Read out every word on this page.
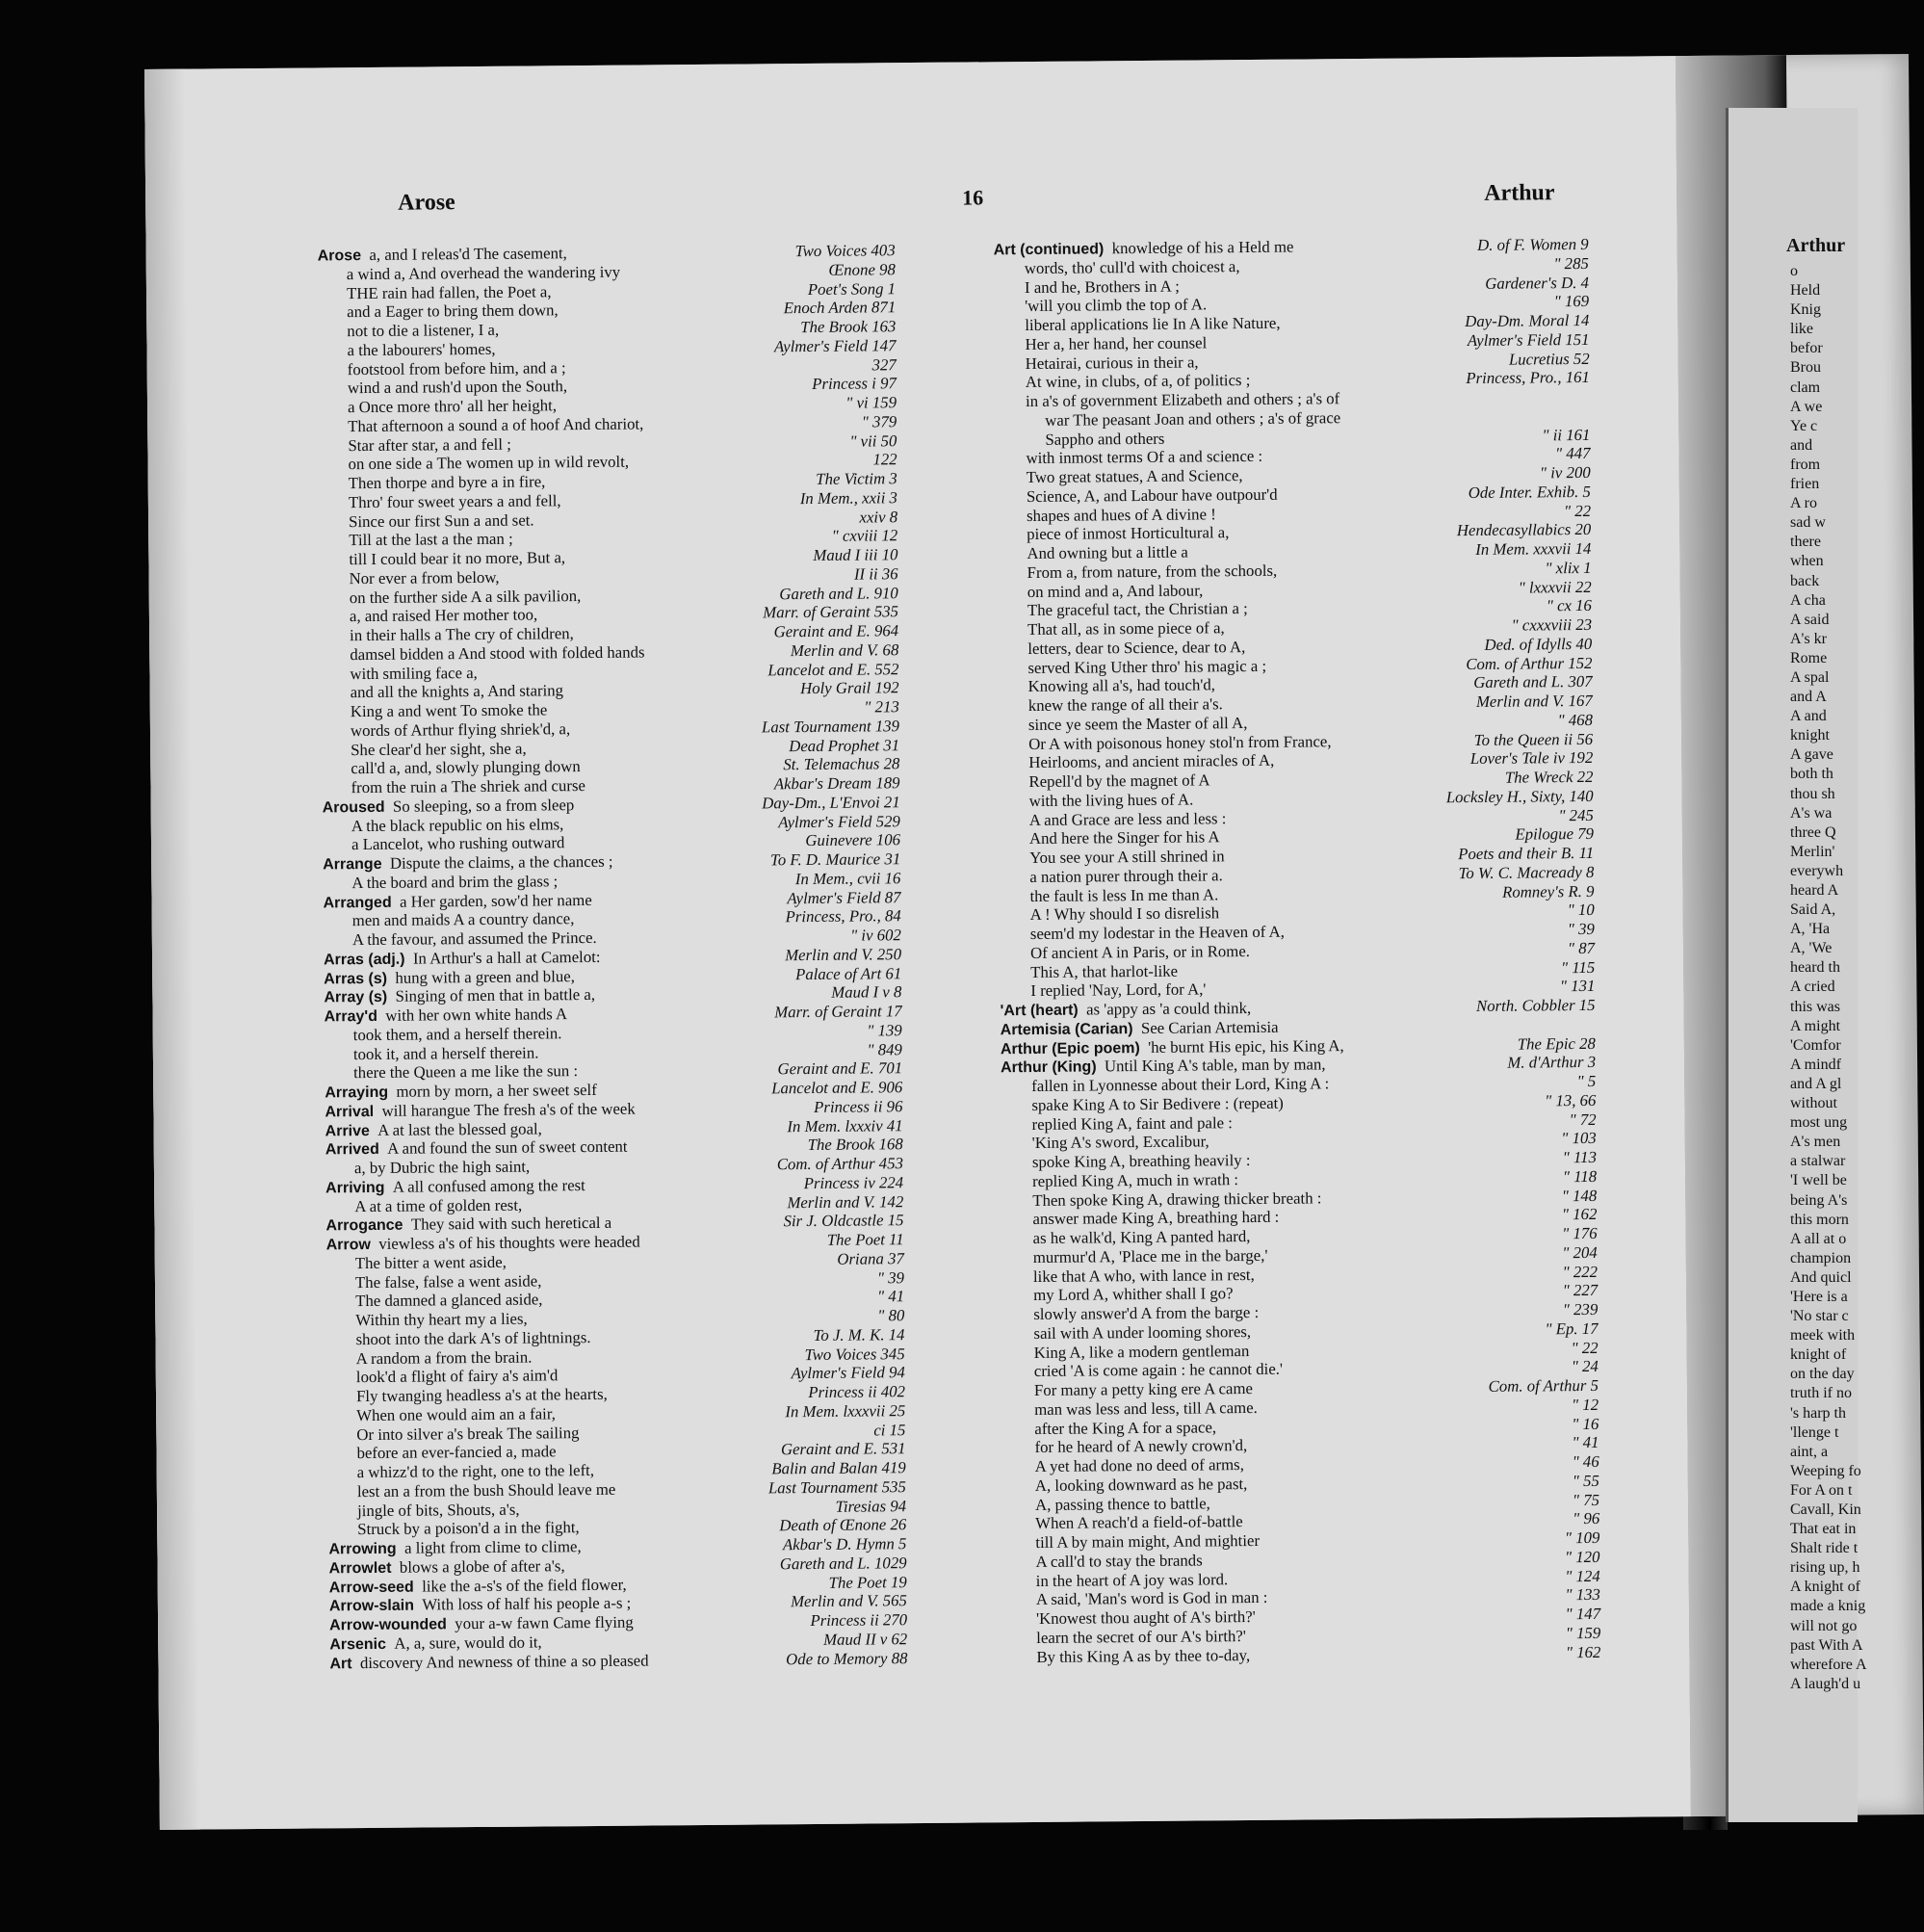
Arose	16	Arthur
Arose a, and I releas'd The casement,	Two Voices 403
a wind a, And overhead the wandering ivy	Œnone 98
THE rain had fallen, the Poet a,	Poet's Song 1
and a Eager to bring them down,	Enoch Arden 871
not to die a listener, I a,	The Brook 163
a the labourers' homes,	Aylmer's Field 147
footstool from before him, and a ;	327
wind a and rush'd upon the South,	Princess i 97
a Once more thro' all her height,	" vi 159
That afternoon a sound a of hoof And chariot,	" 379
Star after star, a and fell ;	" vii 50
on one side a The women up in wild revolt,	122
Then thorpe and byre a in fire,	The Victim 3
Thro' four sweet years a and fell,	In Mem., xxii 3
Since our first Sun a and set.	xxiv 8
Till at the last a the man ;	" cxviii 12
till I could bear it no more, But a,	Maud I iii 10
Nor ever a from below,	II ii 36
on the further side A a silk pavilion,	Gareth and L. 910
a, and raised Her mother too,	Marr. of Geraint 535
in their halls a The cry of children,	Geraint and E. 964
damsel bidden a And stood with folded hands	Merlin and V. 68
with smiling face a,	Lancelot and E. 552
and all the knights a, And staring	Holy Grail 192
King a and went To smoke the	" 213
words of Arthur flying shriek'd, a,	Last Tournament 139
She clear'd her sight, she a,	Dead Prophet 31
call'd a, and, slowly plunging down	St. Telemachus 28
from the ruin a The shriek and curse	Akbar's Dream 189
Aroused So sleeping, so a from sleep	Day-Dm., L'Envoi 21
A the black republic on his elms,	Aylmer's Field 529
a Lancelot, who rushing outward	Guinevere 106
Arrange Dispute the claims, a the chances ;	To F. D. Maurice 31
A the board and brim the glass ;	In Mem., cvii 16
Arranged a Her garden, sow'd her name	Aylmer's Field 87
men and maids A a country dance,	Princess, Pro., 84
A the favour, and assumed the Prince.	" iv 602
Arras (adj.) In Arthur's a hall at Camelot:	Merlin and V. 250
Arras (s) hung with a green and blue,	Palace of Art 61
Array (s) Singing of men that in battle a,	Maud I v 8
Array'd with her own white hands A	Marr. of Geraint 17
took them, and a herself therein.	" 139
took it, and a herself therein.	" 849
there the Queen a me like the sun :	Geraint and E. 701
Arraying morn by morn, a her sweet self	Lancelot and E. 906
Arrival will harangue The fresh a's of the week	Princess ii 96
Arrive A at last the blessed goal,	In Mem. lxxxiv 41
Arrived A and found the sun of sweet content	The Brook 168
a, by Dubric the high saint,	Com. of Arthur 453
Arriving A all confused among the rest	Princess iv 224
A at a time of golden rest,	Merlin and V. 142
Arrogance They said with such heretical a	Sir J. Oldcastle 15
Arrow viewless a's of his thoughts were headed	The Poet 11
The bitter a went aside,	Oriana 37
The false, false a went aside,	" 39
The damned a glanced aside,	" 41
Within thy heart my a lies,	" 80
shoot into the dark A's of lightnings.	To J. M. K. 14
A random a from the brain.	Two Voices 345
look'd a flight of fairy a's aim'd	Aylmer's Field 94
Fly twanging headless a's at the hearts,	Princess ii 402
When one would aim an a fair,	In Mem. lxxxvii 25
Or into silver a's break The sailing	ci 15
before an ever-fancied a, made	Geraint and E. 531
a whizz'd to the right, one to the left,	Balin and Balan 419
lest an a from the bush Should leave me	Last Tournament 535
jingle of bits, Shouts, a's,	Tiresias 94
Struck by a poison'd a in the fight,	Death of Œnone 26
Arrowing a light from clime to clime,	Akbar's D. Hymn 5
Arrowlet blows a globe of after a's,	Gareth and L. 1029
Arrow-seed like the a-s's of the field flower,	The Poet 19
Arrow-slain With loss of half his people a-s ;	Merlin and V. 565
Arrow-wounded your a-w fawn Came flying	Princess ii 270
Arsenic A, a, sure, would do it,	Maud II v 62
Art discovery And newness of thine a so pleased	Ode to Memory 88
Art (continued) knowledge of his a Held me	D. of F. Women 9
words, tho' cull'd with choicest a,	" 285
I and he, Brothers in A ;	Gardener's D. 4
'will you climb the top of A.	" 169
liberal applications lie In A like Nature,	Day-Dm. Moral 14
Her a, her hand, her counsel	Aylmer's Field 151
Hetairai, curious in their a,	Lucretius 52
At wine, in clubs, of a, of politics ;	Princess, Pro., 161
in a's of government Elizabeth and others ; a's of
war The peasant Joan and others ; a's of grace
Sappho and others	" ii 161
with inmost terms Of a and science :	" 447
Two great statues, A and Science,	" iv 200
Science, A, and Labour have outpour'd	Ode Inter. Exhib. 5
shapes and hues of A divine !	" 22
piece of inmost Horticultural a,	Hendecasyllabics 20
And owning but a little a	In Mem. xxxvii 14
From a, from nature, from the schools,	" xlix 1
on mind and a, And labour,	" lxxxvii 22
The graceful tact, the Christian a ;	" cx 16
That all, as in some piece of a,	" cxxxviii 23
letters, dear to Science, dear to A,	Ded. of Idylls 40
served King Uther thro' his magic a ;	Com. of Arthur 152
Knowing all a's, had touch'd,	Gareth and L. 307
knew the range of all their a's.	Merlin and V. 167
since ye seem the Master of all A,	" 468
Or A with poisonous honey stol'n from France,	To the Queen ii 56
Heirlooms, and ancient miracles of A,	Lover's Tale iv 192
Repell'd by the magnet of A	The Wreck 22
with the living hues of A.	Locksley H., Sixty, 140
A and Grace are less and less :	" 245
And here the Singer for his A	Epilogue 79
You see your A still shrined in	Poets and their B. 11
a nation purer through their a.	To W. C. Macready 8
the fault is less In me than A.	Romney's R. 9
A ! Why should I so disrelish	" 10
seem'd my lodestar in the Heaven of A,	" 39
Of ancient A in Paris, or in Rome.	" 87
This A, that harlot-like	" 115
I replied 'Nay, Lord, for A,'	" 131
'Art (heart) as 'appy as 'a could think,	North. Cobbler 15
Artemisia (Carian) See Carian Artemisia
Arthur (Epic poem) 'he burnt His epic, his King A,	The Epic 28
Arthur (King) Until King A's table, man by man,	M. d'Arthur 3
fallen in Lyonnesse about their Lord, King A :	" 5
spake King A to Sir Bedivere : (repeat)	" 13, 66
replied King A, faint and pale :	" 72
'King A's sword, Excalibur,	" 103
spoke King A, breathing heavily :	" 113
replied King A, much in wrath :	" 118
Then spoke King A, drawing thicker breath :	" 148
answer made King A, breathing hard :	" 162
as he walk'd, King A panted hard,	" 176
murmur'd A, 'Place me in the barge,'	" 204
like that A who, with lance in rest,	" 222
my Lord A, whither shall I go?	" 227
slowly answer'd A from the barge :	" 239
sail with A under looming shores,	" Ep. 17
King A, like a modern gentleman	" 22
cried 'A is come again : he cannot die.'	" 24
For many a petty king ere A came	Com. of Arthur 5
man was less and less, till A came.	" 12
after the King A for a space,	" 16
for he heard of A newly crown'd,	" 41
A yet had done no deed of arms,	" 46
A, looking downward as he past,	" 55
A, passing thence to battle,	" 75
When A reach'd a field-of-battle	" 96
till A by main might, And mightier	" 109
A call'd to stay the brands	" 120
in the heart of A joy was lord.	" 124
A said, 'Man's word is God in man :	" 133
'Knowest thou aught of A's birth?'	" 147
learn the secret of our A's birth?'	" 159
By this King A as by thee to-day,	" 162
Arthur
o
Held
Knig
like
befor
Brou
clam
A we
Ye c
and
from
frien
A ro
sad w
there
when
back
A cha
A said
A's kr
Rome
A spal
and A
A and
knight
A gave
both th
thou sh
A's wa
three Q
Merlin'
everywh
heard A
Said A,
A, 'Ha
A, 'We
heard th
A cried
this was
A might
'Comfor
A mindf
and A gl
without
most ung
A's men
a stalwar
'I well be
being A's
this morn
A all at o
champion
And quicl
'Here is a
'No star c
meek with
knight of
on the day
truth if no
's harp th
'llenge t
aint, a
Weeping fo
For A on t
Cavall, Kin
That eat in
Shalt ride t
rising up, h
A knight of
made a knig
will not go
past With A
wherefore A
A laugh'd u
